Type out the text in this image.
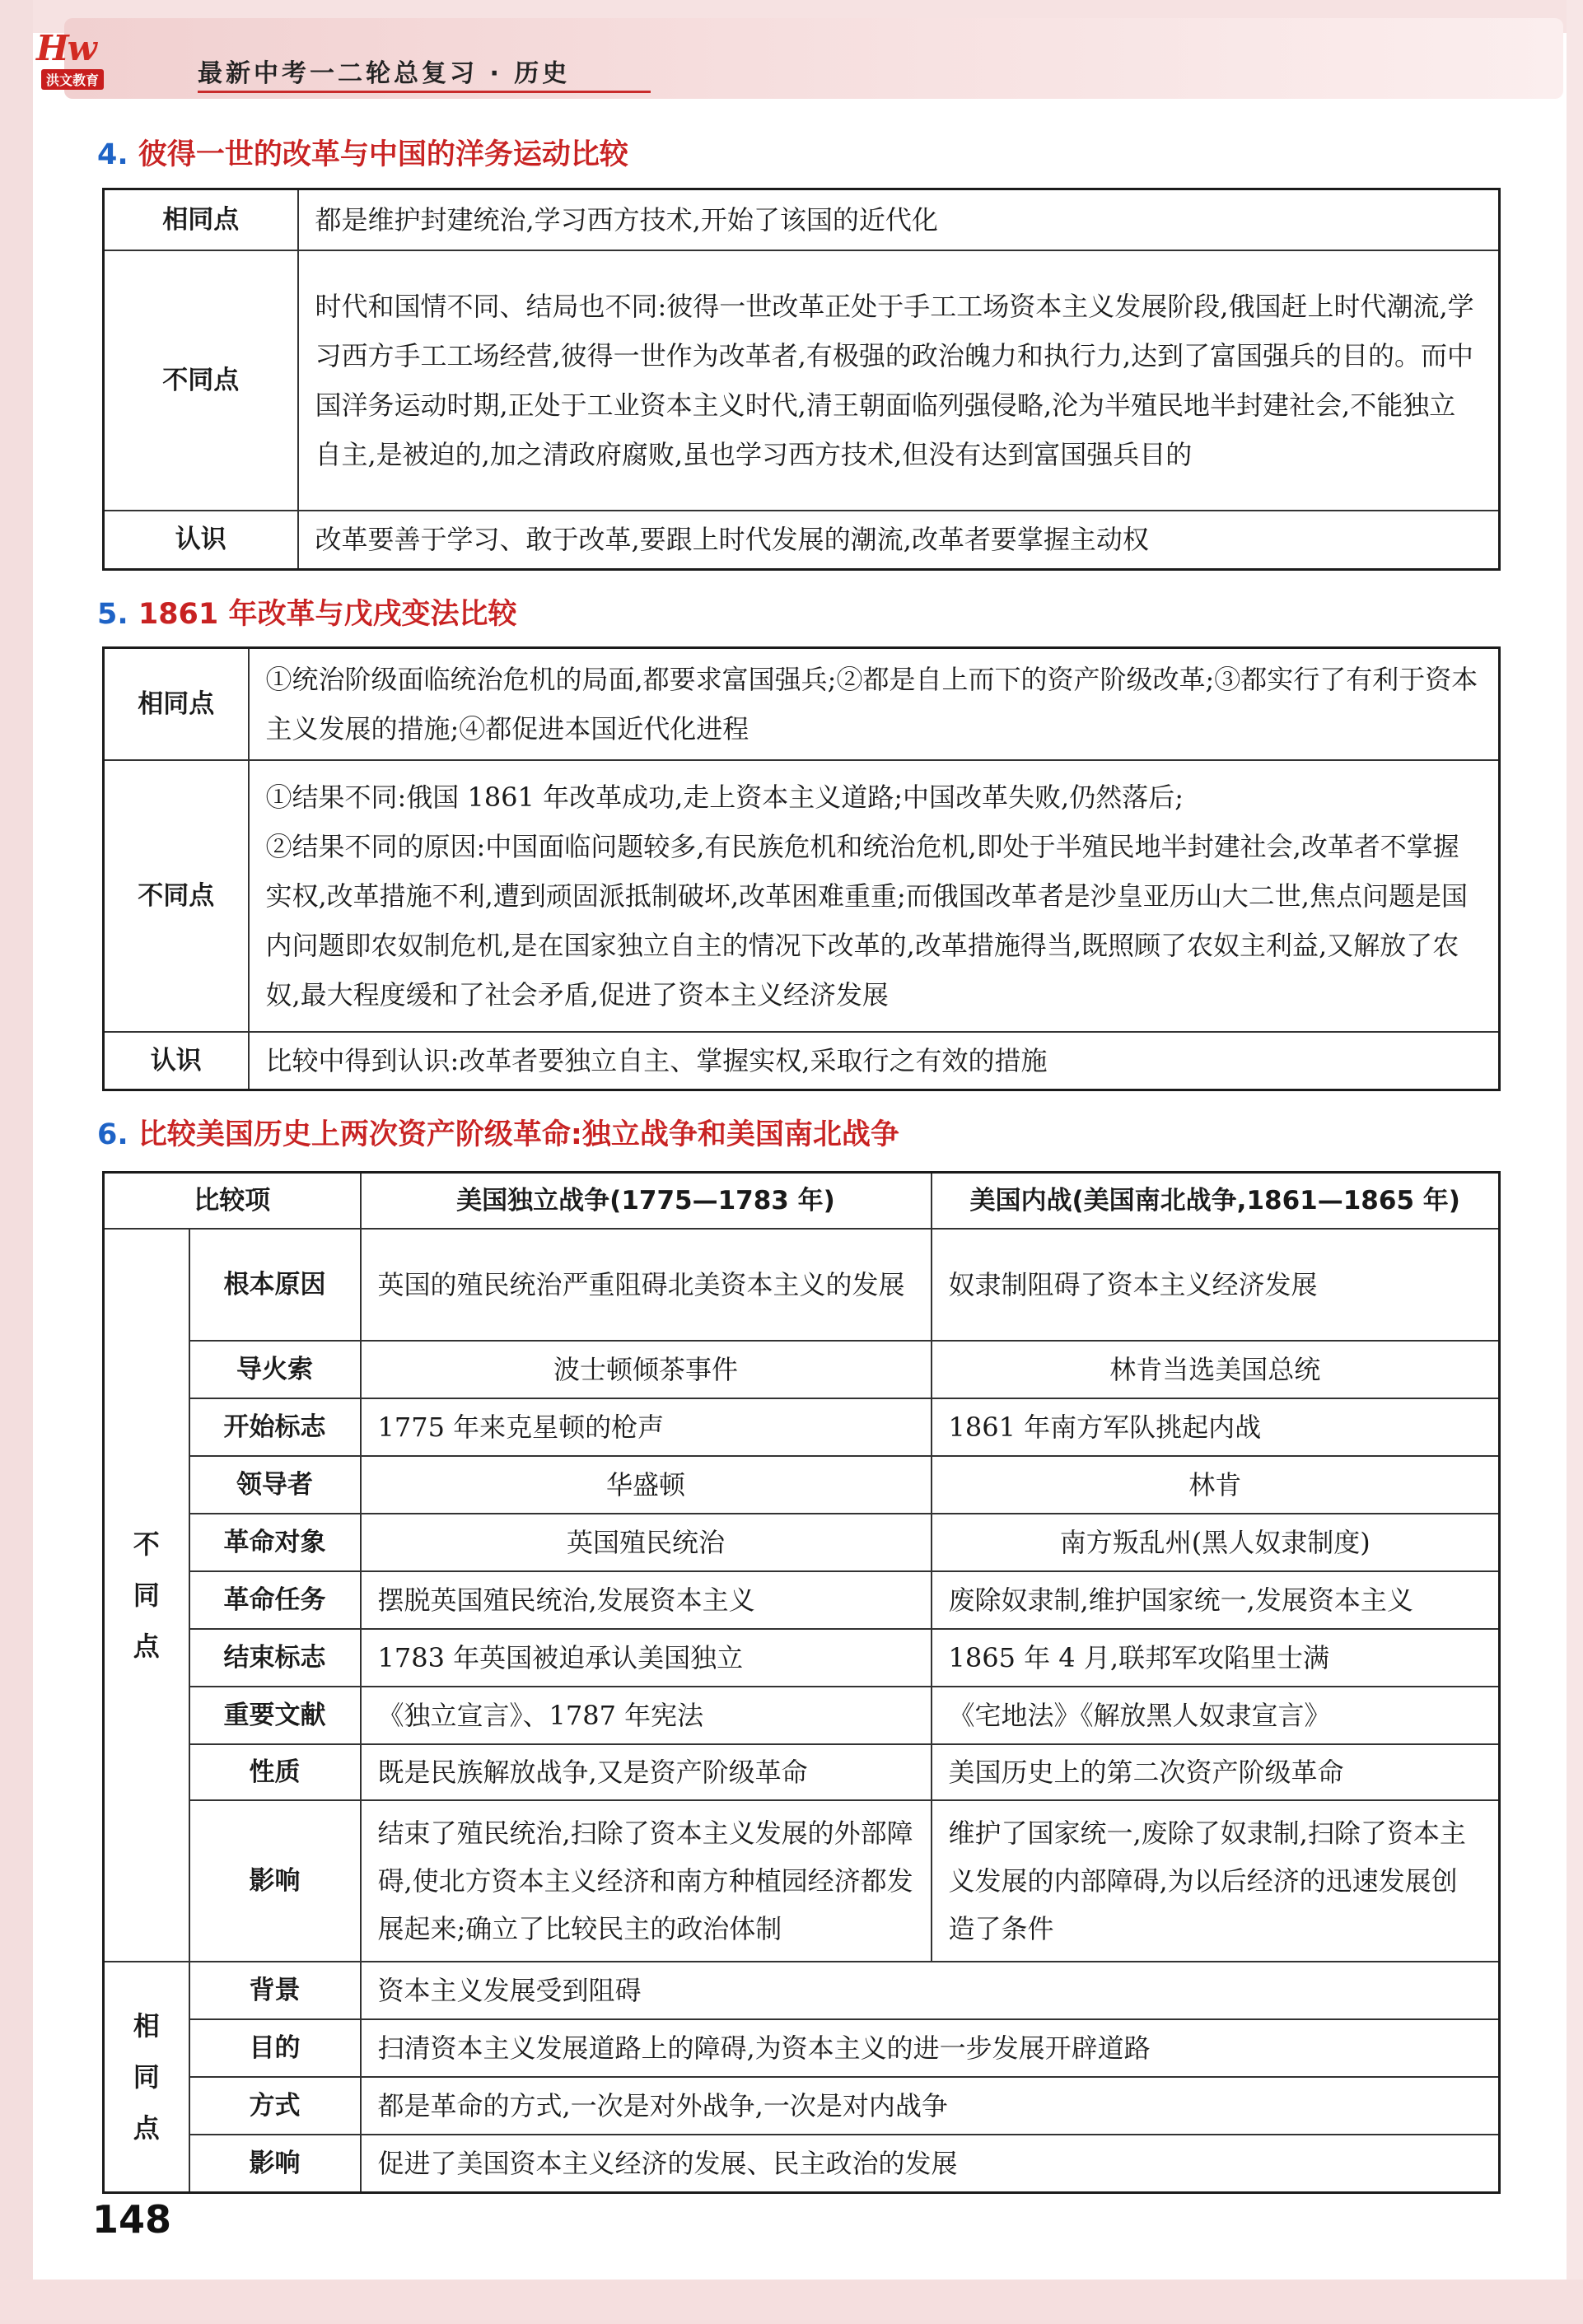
Hw
洪文教育	最新中考一二轮总复习 · 历史
4. 彼得一世的改革与中国的洋务运动比较
相同点	都是维护封建统治,学习西方技术,开始了该国的近代化
不同点	时代和国情不同、结局也不同:彼得一世改革正处于手工工场资本主义发展阶段,俄国赶上时代潮流,学习西方手工工场经营,彼得一世作为改革者,有极强的政治魄力和执行力,达到了富国强兵的目的。而中国洋务运动时期,正处于工业资本主义时代,清王朝面临列强侵略,沦为半殖民地半封建社会,不能独立自主,是被迫的,加之清政府腐败,虽也学习西方技术,但没有达到富国强兵目的
认识	改革要善于学习、敢于改革,要跟上时代发展的潮流,改革者要掌握主动权
5. 1861 年改革与戊戌变法比较
相同点	①统治阶级面临统治危机的局面,都要求富国强兵;②都是自上而下的资产阶级改革;③都实行了有利于资本主义发展的措施;④都促进本国近代化进程
不同点	①结果不同:俄国 1861 年改革成功,走上资本主义道路;中国改革失败,仍然落后;
②结果不同的原因:中国面临问题较多,有民族危机和统治危机,即处于半殖民地半封建社会,改革者不掌握实权,改革措施不利,遭到顽固派抵制破坏,改革困难重重;而俄国改革者是沙皇亚历山大二世,焦点问题是国内问题即农奴制危机,是在国家独立自主的情况下改革的,改革措施得当,既照顾了农奴主利益,又解放了农奴,最大程度缓和了社会矛盾,促进了资本主义经济发展

认识	比较中得到认识:改革者要独立自主、掌握实权,采取行之有效的措施
6. 比较美国历史上两次资产阶级革命:独立战争和美国南北战争
比较项		美国独立战争(1775—1783 年)	美国内战(美国南北战争,1861—1865 年)

不
同
点	根本原因	英国的殖民统治严重阻碍北美资本主义的发展	奴隶制阻碍了资本主义经济发展
	导火索	波士顿倾茶事件	林肯当选美国总统
	开始标志	1775 年来克星顿的枪声	1861 年南方军队挑起内战
	领导者	华盛顿	林肯
	革命对象	英国殖民统治	南方叛乱州(黑人奴隶制度)
	革命任务	摆脱英国殖民统治,发展资本主义	废除奴隶制,维护国家统一,发展资本主义
	结束标志	1783 年英国被迫承认美国独立	1865 年 4 月,联邦军攻陷里士满
	重要文献	《独立宣言》、1787 年宪法	《宅地法》《解放黑人奴隶宣言》
	性质	既是民族解放战争,又是资产阶级革命	美国历史上的第二次资产阶级革命
	影响	结束了殖民统治,扫除了资本主义发展的外部障碍,使北方资本主义经济和南方种植园经济都发展起来;确立了比较民主的政治体制	维护了国家统一,废除了奴隶制,扫除了资本主义发展的内部障碍,为以后经济的迅速发展创造了条件

相
同
点	背景	资本主义发展受到阻碍	
	目的	扫清资本主义发展道路上的障碍,为资本主义的进一步发展开辟道路	
	方式	都是革命的方式,一次是对外战争,一次是对内战争	
	影响	促进了美国资本主义经济的发展、民主政治的发展	
148
